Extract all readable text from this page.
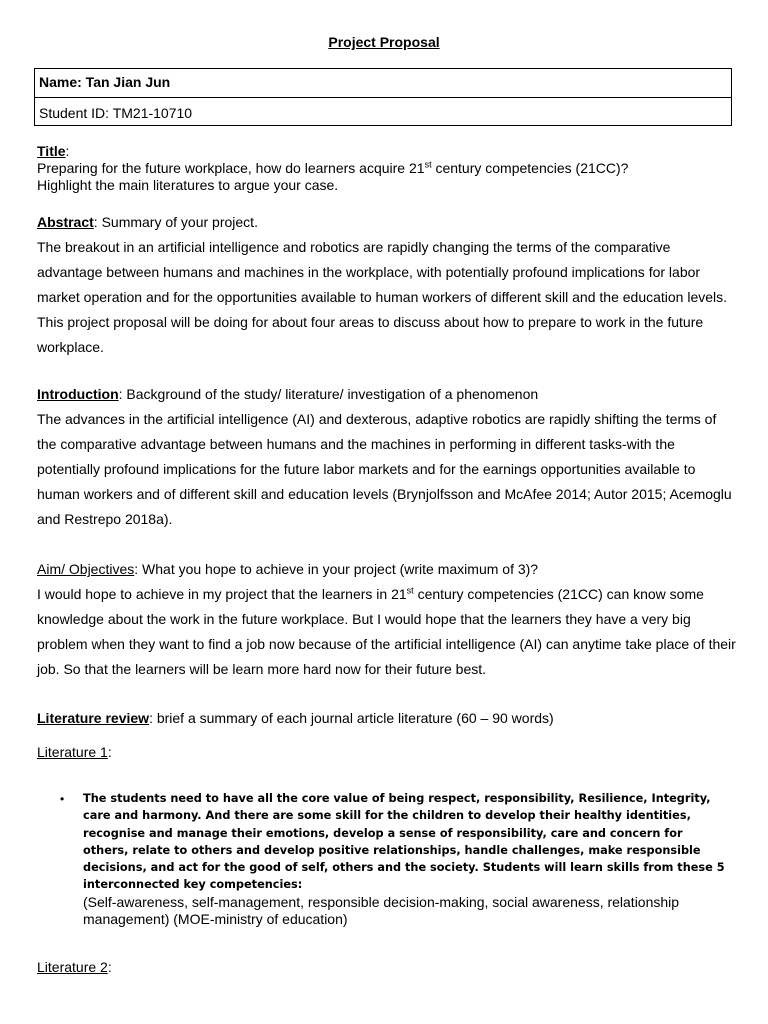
Project Proposal
Name: Tan Jian Jun
Student ID: TM21-10710
Title:
Preparing for the future workplace, how do learners acquire 21st century competencies (21CC)?
Highlight the main literatures to argue your case.
Abstract: Summary of your project.
The breakout in an artificial intelligence and robotics are rapidly changing the terms of the comparative advantage between humans and machines in the workplace, with potentially profound implications for labor market operation and for the opportunities available to human workers of different skill and the education levels. This project proposal will be doing for about four areas to discuss about how to prepare to work in the future workplace.
Introduction: Background of the study/ literature/ investigation of a phenomenon
The advances in the artificial intelligence (AI) and dexterous, adaptive robotics are rapidly shifting the terms of the comparative advantage between humans and the machines in performing in different tasks-with the potentially profound implications for the future labor markets and for the earnings opportunities available to human workers and of different skill and education levels (Brynjolfsson and McAfee 2014; Autor 2015; Acemoglu and Restrepo 2018a).
Aim/ Objectives: What you hope to achieve in your project (write maximum of 3)?
I would hope to achieve in my project that the learners in 21st century competencies (21CC) can know some knowledge about the work in the future workplace. But I would hope that the learners they have a very big problem when they want to find a job now because of the artificial intelligence (AI) can anytime take place of their job. So that the learners will be learn more hard now for their future best.
Literature review: brief a summary of each journal article literature (60 – 90 words)
Literature 1:
• The students need to have all the core value of being respect, responsibility, Resilience, Integrity, care and harmony. And there are some skill for the children to develop their healthy identities, recognise and manage their emotions, develop a sense of responsibility, care and concern for others, relate to others and develop positive relationships, handle challenges, make responsible decisions, and act for the good of self, others and the society. Students will learn skills from these 5 interconnected key competencies:
(Self-awareness, self-management, responsible decision-making, social awareness, relationship management) (MOE-ministry of education)
Literature 2:
